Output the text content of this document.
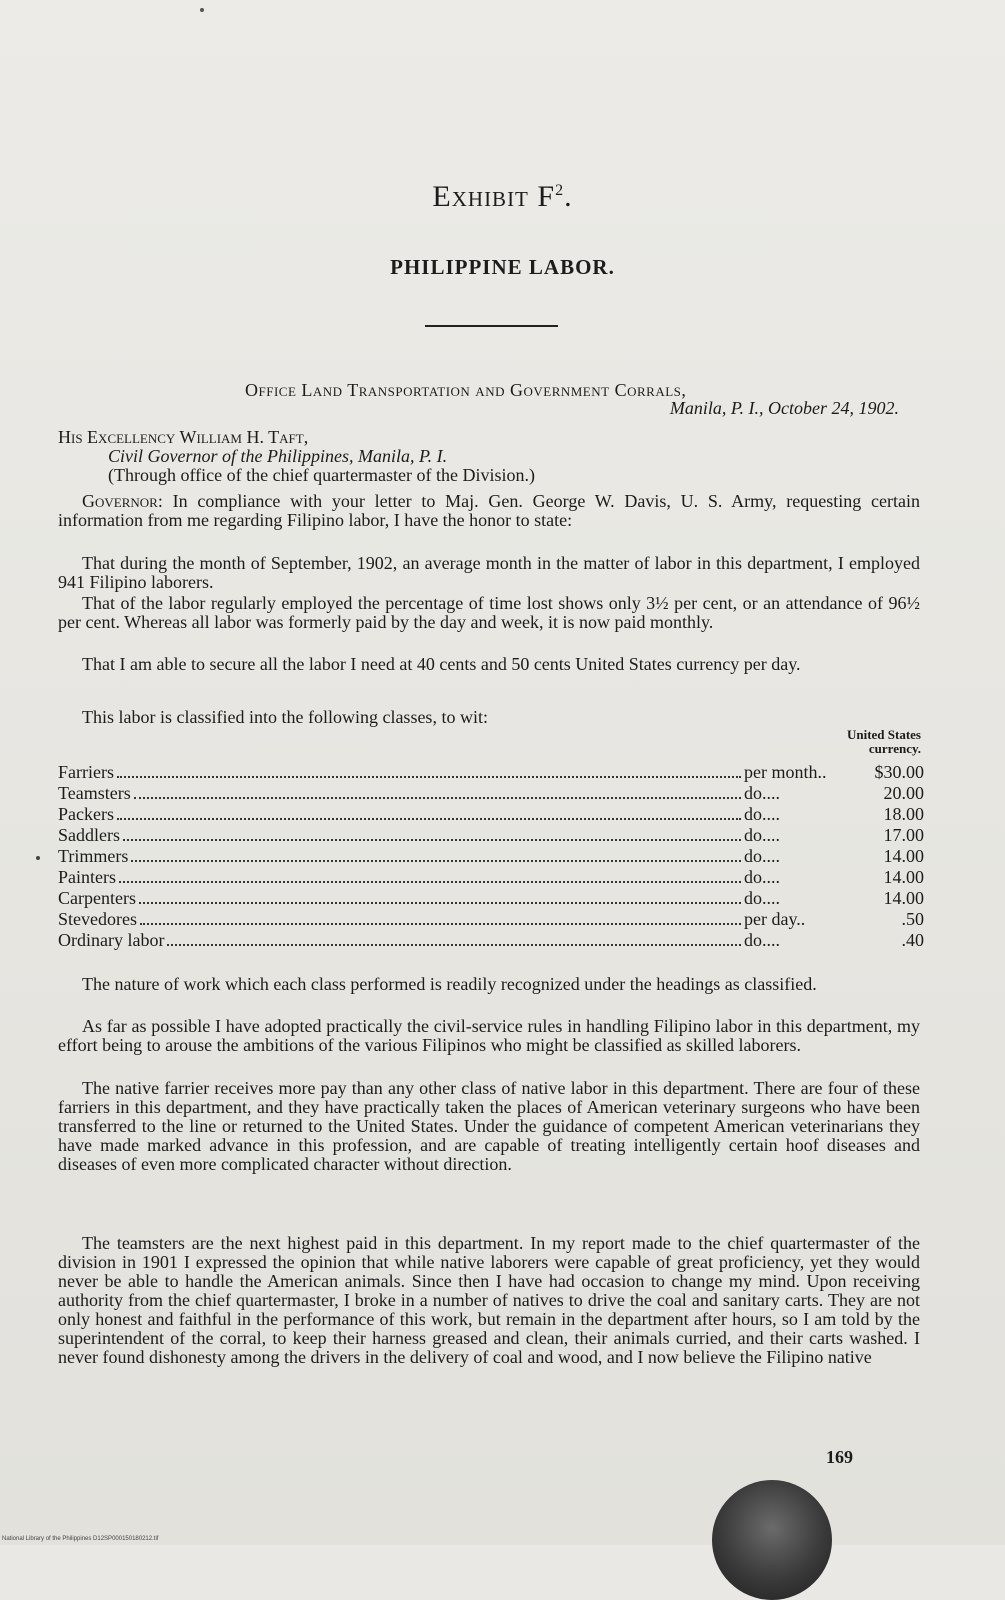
Exhibit $F^2$.
PHILIPPINE LABOR.
Office Land Transportation and Government Corrals,
Manila, P. I., October 24, 1902.
His Excellency William H. Taft,
Civil Governor of the Philippines, Manila, P. I.
(Through office of the chief quartermaster of the Division.)
Governor: In compliance with your letter to Maj. Gen. George W. Davis, U. S. Army, requesting certain information from me regarding Filipino labor, I have the honor to state:
That during the month of September, 1902, an average month in the matter of labor in this department, I employed 941 Filipino laborers.
That of the labor regularly employed the percentage of time lost shows only 3½ per cent, or an attendance of 96½ per cent. Whereas all labor was formerly paid by the day and week, it is now paid monthly.
That I am able to secure all the labor I need at 40 cents and 50 cents United States currency per day.
This labor is classified into the following classes, to wit:
United States currency.
Farriers	per month..	$30.00
Teamsters	do....	20.00
Packers	do....	18.00
Saddlers	do....	17.00
Trimmers	do....	14.00
Painters	do....	14.00
Carpenters	do....	14.00
Stevedores	per day..	.50
Ordinary labor	do....	.40
The nature of work which each class performed is readily recognized under the headings as classified.
As far as possible I have adopted practically the civil-service rules in handling Filipino labor in this department, my effort being to arouse the ambitions of the various Filipinos who might be classified as skilled laborers.
The native farrier receives more pay than any other class of native labor in this department. There are four of these farriers in this department, and they have practically taken the places of American veterinary surgeons who have been transferred to the line or returned to the United States. Under the guidance of competent American veterinarians they have made marked advance in this profession, and are capable of treating intelligently certain hoof diseases and diseases of even more complicated character without direction.
The teamsters are the next highest paid in this department. In my report made to the chief quartermaster of the division in 1901 I expressed the opinion that while native laborers were capable of great proficiency, yet they would never be able to handle the American animals. Since then I have had occasion to change my mind. Upon receiving authority from the chief quartermaster, I broke in a number of natives to drive the coal and sanitary carts. They are not only honest and faithful in the performance of this work, but remain in the department after hours, so I am told by the superintendent of the corral, to keep their harness greased and clean, their animals curried, and their carts washed. I never found dishonesty among the drivers in the delivery of coal and wood, and I now believe the Filipino native
169
National Library of the Philippines D12SP000150180212.tif
